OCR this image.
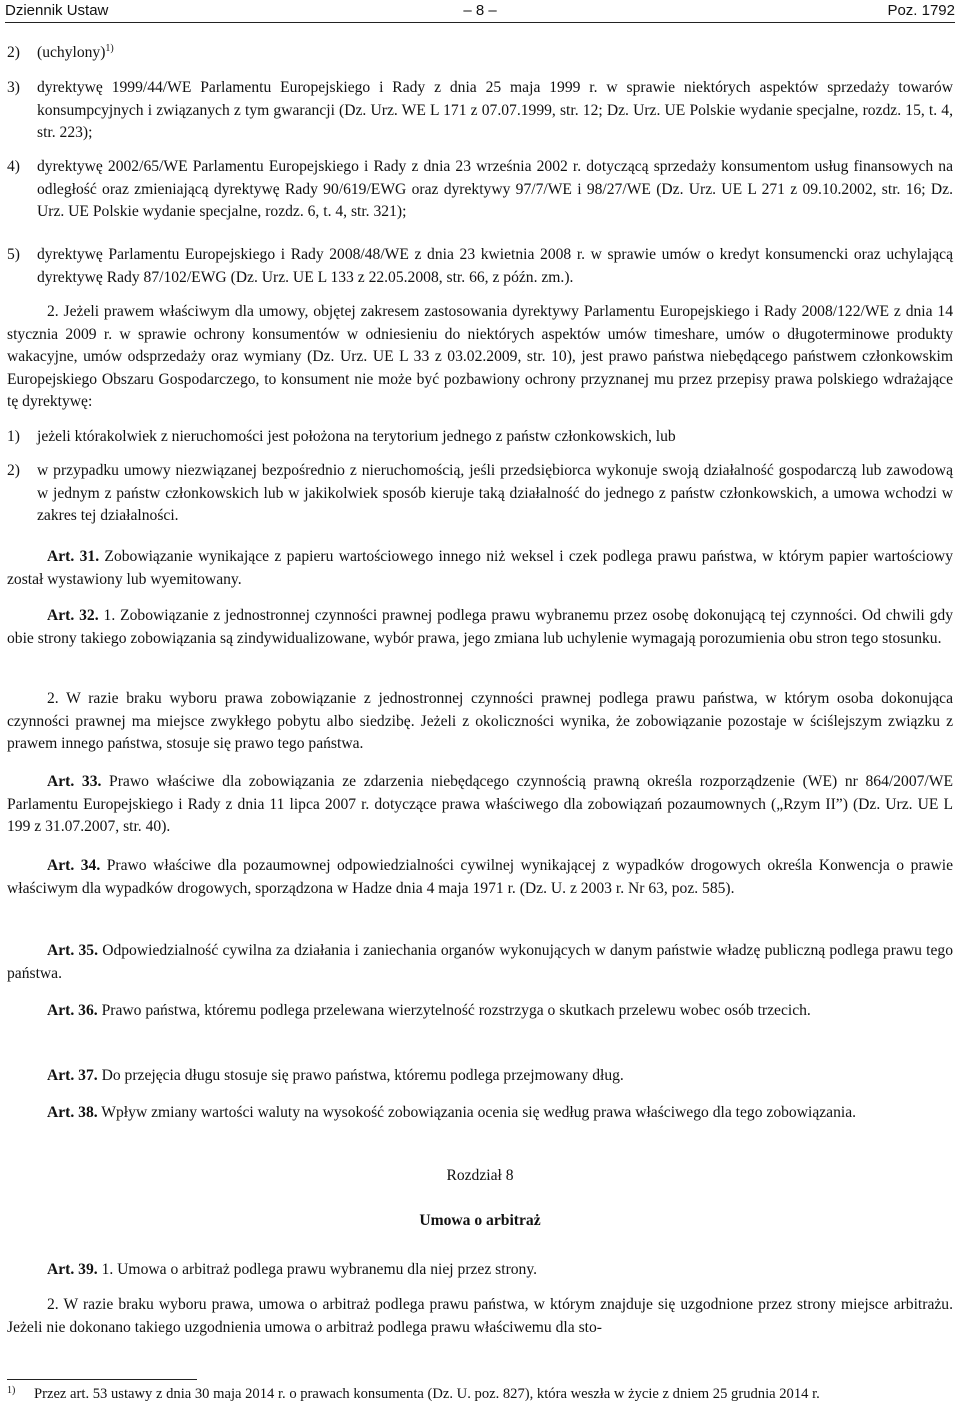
Dziennik Ustaw	– 8 –	Poz. 1792
2) (uchylony)$^{1)}$
3) dyrektywę 1999/44/WE Parlamentu Europejskiego i Rady z dnia 25 maja 1999 r. w sprawie niektórych aspektów sprzedaży towarów konsumpcyjnych i związanych z tym gwarancji (Dz. Urz. WE L 171 z 07.07.1999, str. 12; Dz. Urz. UE Polskie wydanie specjalne, rozdz. 15, t. 4, str. 223);
4) dyrektywę 2002/65/WE Parlamentu Europejskiego i Rady z dnia 23 września 2002 r. dotyczącą sprzedaży konsumentom usług finansowych na odległość oraz zmieniającą dyrektywę Rady 90/619/EWG oraz dyrektywy 97/7/WE i 98/27/WE (Dz. Urz. UE L 271 z 09.10.2002, str. 16; Dz. Urz. UE Polskie wydanie specjalne, rozdz. 6, t. 4, str. 321);
5) dyrektywę Parlamentu Europejskiego i Rady 2008/48/WE z dnia 23 kwietnia 2008 r. w sprawie umów o kredyt konsumencki oraz uchylającą dyrektywę Rady 87/102/EWG (Dz. Urz. UE L 133 z 22.05.2008, str. 66, z późn. zm.).
2. Jeżeli prawem właściwym dla umowy, objętej zakresem zastosowania dyrektywy Parlamentu Europejskiego i Rady 2008/122/WE z dnia 14 stycznia 2009 r. w sprawie ochrony konsumentów w odniesieniu do niektórych aspektów umów timeshare, umów o długoterminowe produkty wakacyjne, umów odsprzedaży oraz wymiany (Dz. Urz. UE L 33 z 03.02.2009, str. 10), jest prawo państwa niebędącego państwem członkowskim Europejskiego Obszaru Gospodarczego, to konsument nie może być pozbawiony ochrony przyznanej mu przez przepisy prawa polskiego wdrażające tę dyrektywę:
1) jeżeli którakolwiek z nieruchomości jest położona na terytorium jednego z państw członkowskich, lub
2) w przypadku umowy niezwiązanej bezpośrednio z nieruchomością, jeśli przedsiębiorca wykonuje swoją działalność gospodarczą lub zawodową w jednym z państw członkowskich lub w jakikolwiek sposób kieruje taką działalność do jednego z państw członkowskich, a umowa wchodzi w zakres tej działalności.
Art. 31. Zobowiązanie wynikające z papieru wartościowego innego niż weksel i czek podlega prawu państwa, w którym papier wartościowy został wystawiony lub wyemitowany.
Art. 32. 1. Zobowiązanie z jednostronnej czynności prawnej podlega prawu wybranemu przez osobę dokonującą tej czynności. Od chwili gdy obie strony takiego zobowiązania są zindywidualizowane, wybór prawa, jego zmiana lub uchylenie wymagają porozumienia obu stron tego stosunku.
2. W razie braku wyboru prawa zobowiązanie z jednostronnej czynności prawnej podlega prawu państwa, w którym osoba dokonująca czynności prawnej ma miejsce zwykłego pobytu albo siedzibę. Jeżeli z okoliczności wynika, że zobowiązanie pozostaje w ściślejszym związku z prawem innego państwa, stosuje się prawo tego państwa.
Art. 33. Prawo właściwe dla zobowiązania ze zdarzenia niebędącego czynnością prawną określa rozporządzenie (WE) nr 864/2007/WE Parlamentu Europejskiego i Rady z dnia 11 lipca 2007 r. dotyczące prawa właściwego dla zobowiązań pozaumownych („Rzym II”) (Dz. Urz. UE L 199 z 31.07.2007, str. 40).
Art. 34. Prawo właściwe dla pozaumownej odpowiedzialności cywilnej wynikającej z wypadków drogowych określa Konwencja o prawie właściwym dla wypadków drogowych, sporządzona w Hadze dnia 4 maja 1971 r. (Dz. U. z 2003 r. Nr 63, poz. 585).
Art. 35. Odpowiedzialność cywilna za działania i zaniechania organów wykonujących w danym państwie władzę publiczną podlega prawu tego państwa.
Art. 36. Prawo państwa, któremu podlega przelewana wierzytelność rozstrzyga o skutkach przelewu wobec osób trzecich.
Art. 37. Do przejęcia długu stosuje się prawo państwa, któremu podlega przejmowany dług.
Art. 38. Wpływ zmiany wartości waluty na wysokość zobowiązania ocenia się według prawa właściwego dla tego zobowiązania.
Rozdział 8
Umowa o arbitraż
Art. 39. 1. Umowa o arbitraż podlega prawu wybranemu dla niej przez strony.
2. W razie braku wyboru prawa, umowa o arbitraż podlega prawu państwa, w którym znajduje się uzgodnione przez strony miejsce arbitrażu. Jeżeli nie dokonano takiego uzgodnienia umowa o arbitraż podlega prawu właściwemu dla sto-
1) Przez art. 53 ustawy z dnia 30 maja 2014 r. o prawach konsumenta (Dz. U. poz. 827), która weszła w życie z dniem 25 grudnia 2014 r.
